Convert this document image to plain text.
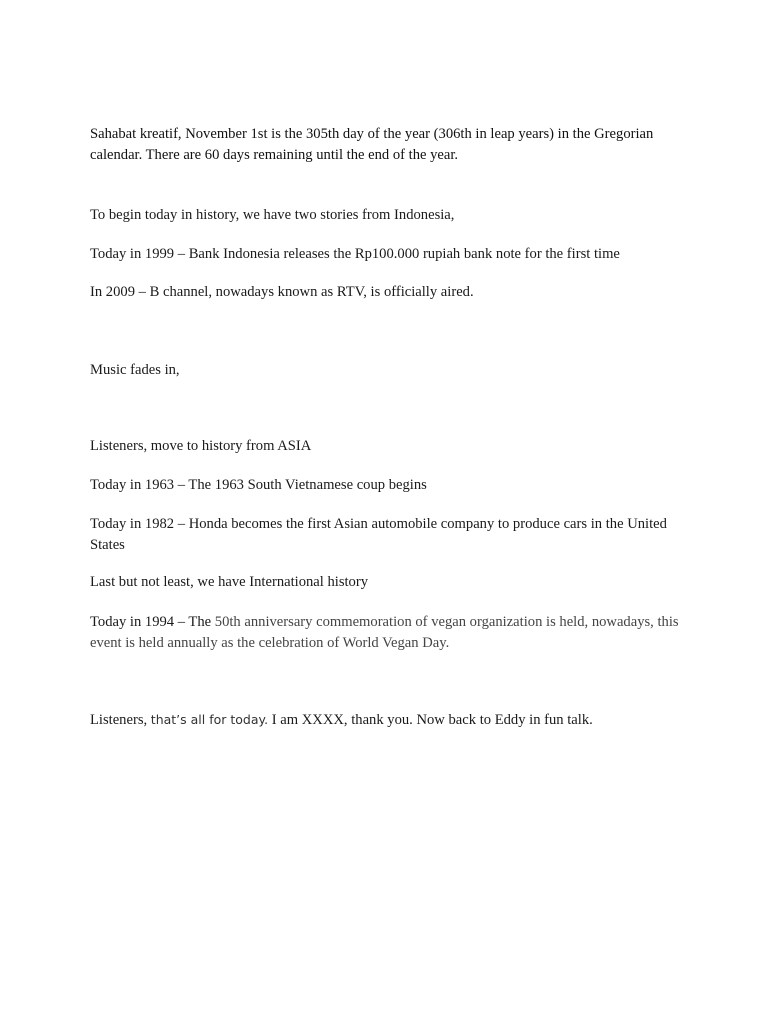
Sahabat kreatif, November 1st is the 305th day of the year (306th in leap years) in the Gregorian calendar. There are 60 days remaining until the end of the year.

To begin today in history, we have two stories from Indonesia,

Today in 1999 – Bank Indonesia releases the Rp100.000 rupiah bank note for the first time

In 2009 – B channel, nowadays known as RTV, is officially aired.

Music fades in,

Listeners, move to history from ASIA

Today in 1963 – The 1963 South Vietnamese coup begins

Today in 1982 – Honda becomes the first Asian automobile company to produce cars in the United States

Last but not least, we have International history

Today in 1994 – The 50th anniversary commemoration of vegan organization is held, nowadays, this event is held annually as the celebration of World Vegan Day.

Listeners, that’s all for today. I am XXXX, thank you. Now back to Eddy in fun talk.
